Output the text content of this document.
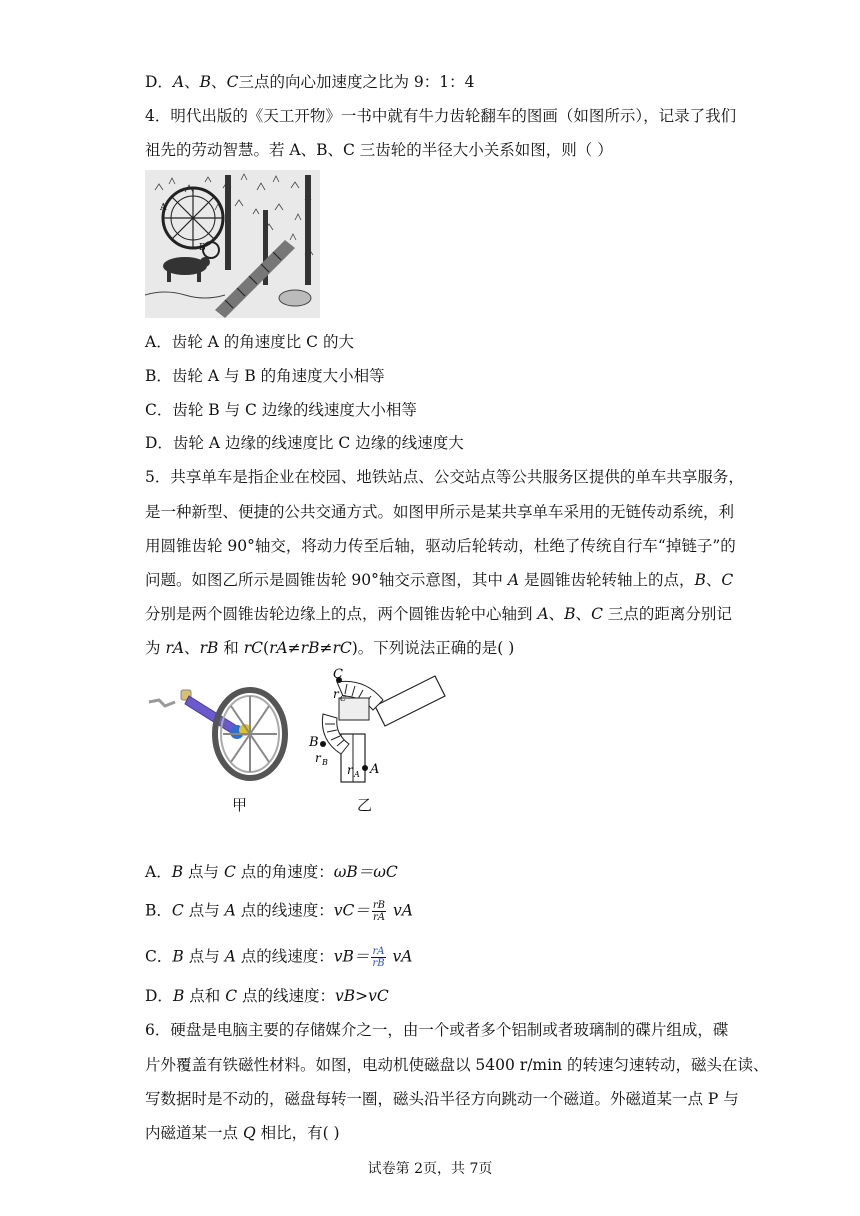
D．A、B、C三点的向心加速度之比为 9：1：4
4．明代出版的《天工开物》一书中就有牛力齿轮翻车的图画（如图所示），记录了我们
祖先的劳动智慧。若 A、B、C 三齿轮的半径大小关系如图，则（ ）
A
B
A．齿轮 A 的角速度比 C 的大
B．齿轮 A 与 B 的角速度大小相等
C．齿轮 B 与 C 边缘的线速度大小相等
D．齿轮 A 边缘的线速度比 C 边缘的线速度大
5．共享单车是指企业在校园、地铁站点、公交站点等公共服务区提供的单车共享服务，
是一种新型、便捷的公共交通方式。如图甲所示是某共享单车采用的无链传动系统，利
用圆锥齿轮 90°轴交，将动力传至后轴，驱动后轮转动，杜绝了传统自行车“掉链子”的
问题。如图乙所示是圆锥齿轮 90°轴交示意图，其中 A 是圆锥齿轮转轴上的点，B、C
分别是两个圆锥齿轮边缘上的点，两个圆锥齿轮中心轴到 A、B、C 三点的距离分别记
为 rA、rB 和 rC(rA≠rB≠rC)。下列说法正确的是( )
甲
C
r C
B
r B
r A A
乙
A．B 点与 C 点的角速度：ωB＝ωC
B．C 点与 A 点的线速度：$vC= \frac{rB}{rA}$ vA
C．B 点与 A 点的线速度：$vB= \frac{rA}{rB}$ vA
D．B 点和 C 点的线速度：vB>vC
6．硬盘是电脑主要的存储媒介之一，由一个或者多个铝制或者玻璃制的碟片组成，碟
片外覆盖有铁磁性材料。如图，电动机使磁盘以 5400 r/min 的转速匀速转动，磁头在读、
写数据时是不动的，磁盘每转一圈，磁头沿半径方向跳动一个磁道。外磁道某一点 P 与
内磁道某一点 Q 相比，有( )
试卷第 2页，共 7页
